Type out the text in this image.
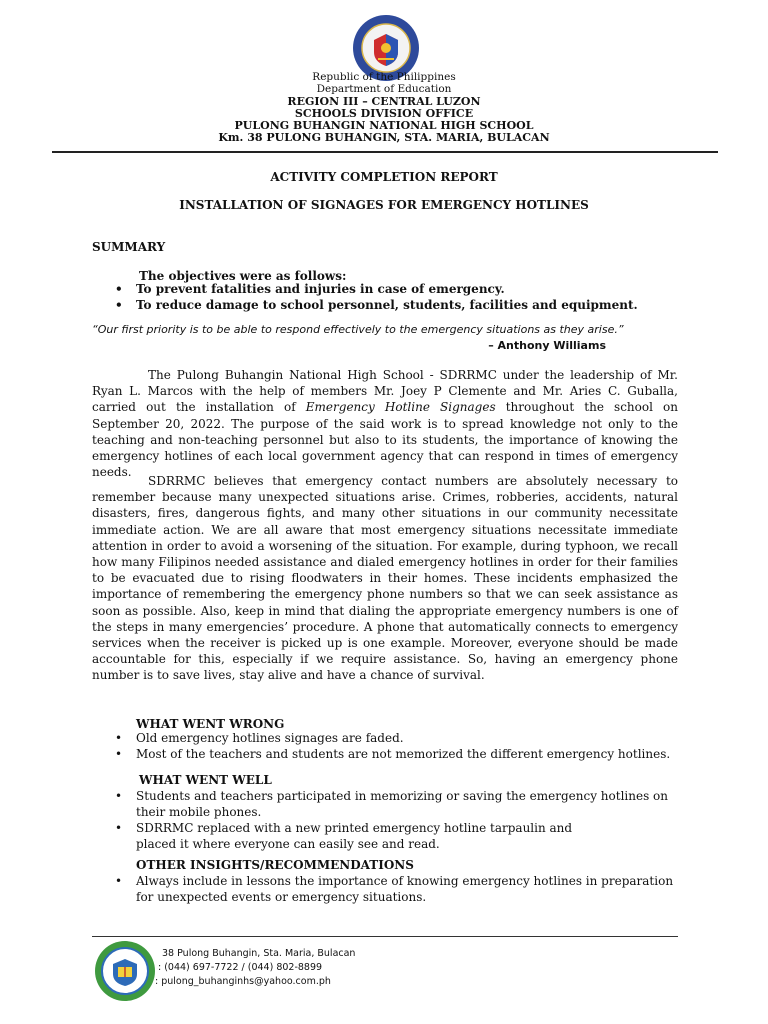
Republic of the Philippines
Department of Education
REGION III – CENTRAL LUZON
SCHOOLS DIVISION OFFICE
PULONG BUHANGIN NATIONAL HIGH SCHOOL
Km. 38 PULONG BUHANGIN, STA. MARIA, BULACAN
ACTIVITY COMPLETION REPORT
INSTALLATION OF SIGNAGES FOR EMERGENCY HOTLINES
SUMMARY
The objectives were as follows:
• To prevent fatalities and injuries in case of emergency.
• To reduce damage to school personnel, students, facilities and equipment.
“Our first priority is to be able to respond effectively to the emergency situations as they arise.”
– Anthony Williams
The Pulong Buhangin National High School - SDRRMC under the leadership of Mr. Ryan L. Marcos with the help of members Mr. Joey P Clemente and Mr. Aries C. Guballa, carried out the installation of Emergency Hotline Signages throughout the school on September 20, 2022. The purpose of the said work is to spread knowledge not only to the teaching and non-teaching personnel but also to its students, the importance of knowing the emergency hotlines of each local government agency that can respond in times of emergency needs.
SDRRMC believes that emergency contact numbers are absolutely necessary to remember because many unexpected situations arise. Crimes, robberies, accidents, natural disasters, fires, dangerous fights, and many other situations in our community necessitate immediate action. We are all aware that most emergency situations necessitate immediate attention in order to avoid a worsening of the situation. For example, during typhoon, we recall how many Filipinos needed assistance and dialed emergency hotlines in order for their families to be evacuated due to rising floodwaters in their homes. These incidents emphasized the importance of remembering the emergency phone numbers so that we can seek assistance as soon as possible. Also, keep in mind that dialing the appropriate emergency numbers is one of the steps in many emergencies’ procedure. A phone that automatically connects to emergency services when the receiver is picked up is one example. Moreover, everyone should be made accountable for this, especially if we require assistance. So, having an emergency phone number is to save lives, stay alive and have a chance of survival.
WHAT WENT WRONG
• Old emergency hotlines signages are faded.
• Most of the teachers and students are not memorized the different emergency hotlines.
WHAT WENT WELL
• Students and teachers participated in memorizing or saving the emergency hotlines on their mobile phones.
• SDRRMC replaced with a new printed emergency hotline tarpaulin and placed it where everyone can easily see and read.
OTHER INSIGHTS/RECOMMENDATIONS
• Always include in lessons the importance of knowing emergency hotlines in preparation for unexpected events or emergency situations.
38 Pulong Buhangin, Sta. Maria, Bulacan
: (044) 697-7722 / (044) 802-8899
: pulong_buhanginhs@yahoo.com.ph
